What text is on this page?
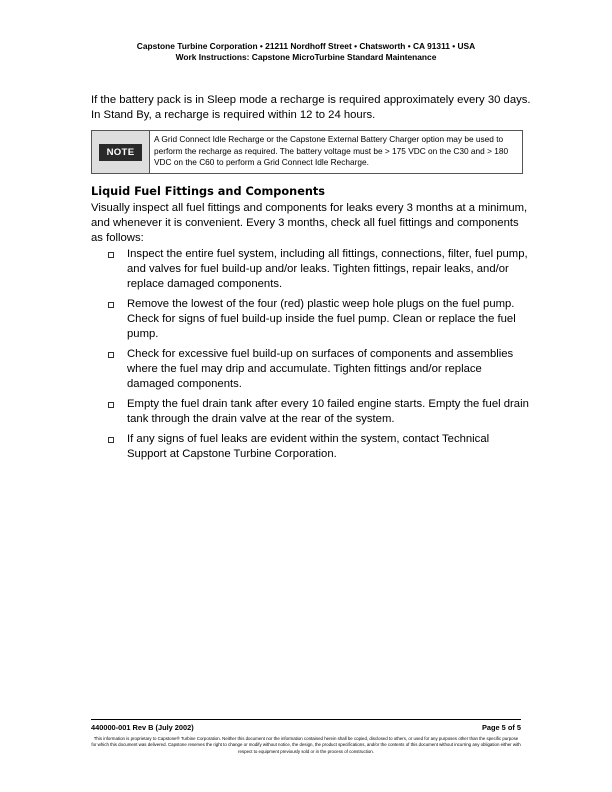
Capstone Turbine Corporation • 21211 Nordhoff Street • Chatsworth • CA 91311 • USA
Work Instructions: Capstone MicroTurbine Standard Maintenance

If the battery pack is in Sleep mode a recharge is required approximately every 30 days. In Stand By, a recharge is required within 12 to 24 hours.

NOTE
A Grid Connect Idle Recharge or the Capstone External Battery Charger option may be used to perform the recharge as required. The battery voltage must be > 175 VDC on the C30 and > 180 VDC on the C60 to perform a Grid Connect Idle Recharge.
Liquid Fuel Fittings and Components

Visually inspect all fuel fittings and components for leaks every 3 months at a minimum, and whenever it is convenient. Every 3 months, check all fuel fittings and components as follows:

Inspect the entire fuel system, including all fittings, connections, filter, fuel pump, and valves for fuel build-up and/or leaks. Tighten fittings, repair leaks, and/or replace damaged components.
Remove the lowest of the four (red) plastic weep hole plugs on the fuel pump. Check for signs of fuel build-up inside the fuel pump. Clean or replace the fuel pump.
Check for excessive fuel build-up on surfaces of components and assemblies where the fuel may drip and accumulate. Tighten fittings and/or replace damaged components.
Empty the fuel drain tank after every 10 failed engine starts. Empty the fuel drain tank through the drain valve at the rear of the system.
If any signs of fuel leaks are evident within the system, contact Technical Support at Capstone Turbine Corporation.
440000-001 Rev B (July 2002)	Page 5 of 5
This information is proprietary to Capstone® Turbine Corporation. Neither this document nor the information contained herein shall be copied, disclosed to others, or used for any purposes other than the specific purpose for which this document was delivered. Capstone reserves the right to change or modify without notice, the design, the product specifications, and/or the contents of this document without incurring any obligation either with respect to equipment previously sold or in the process of construction.
